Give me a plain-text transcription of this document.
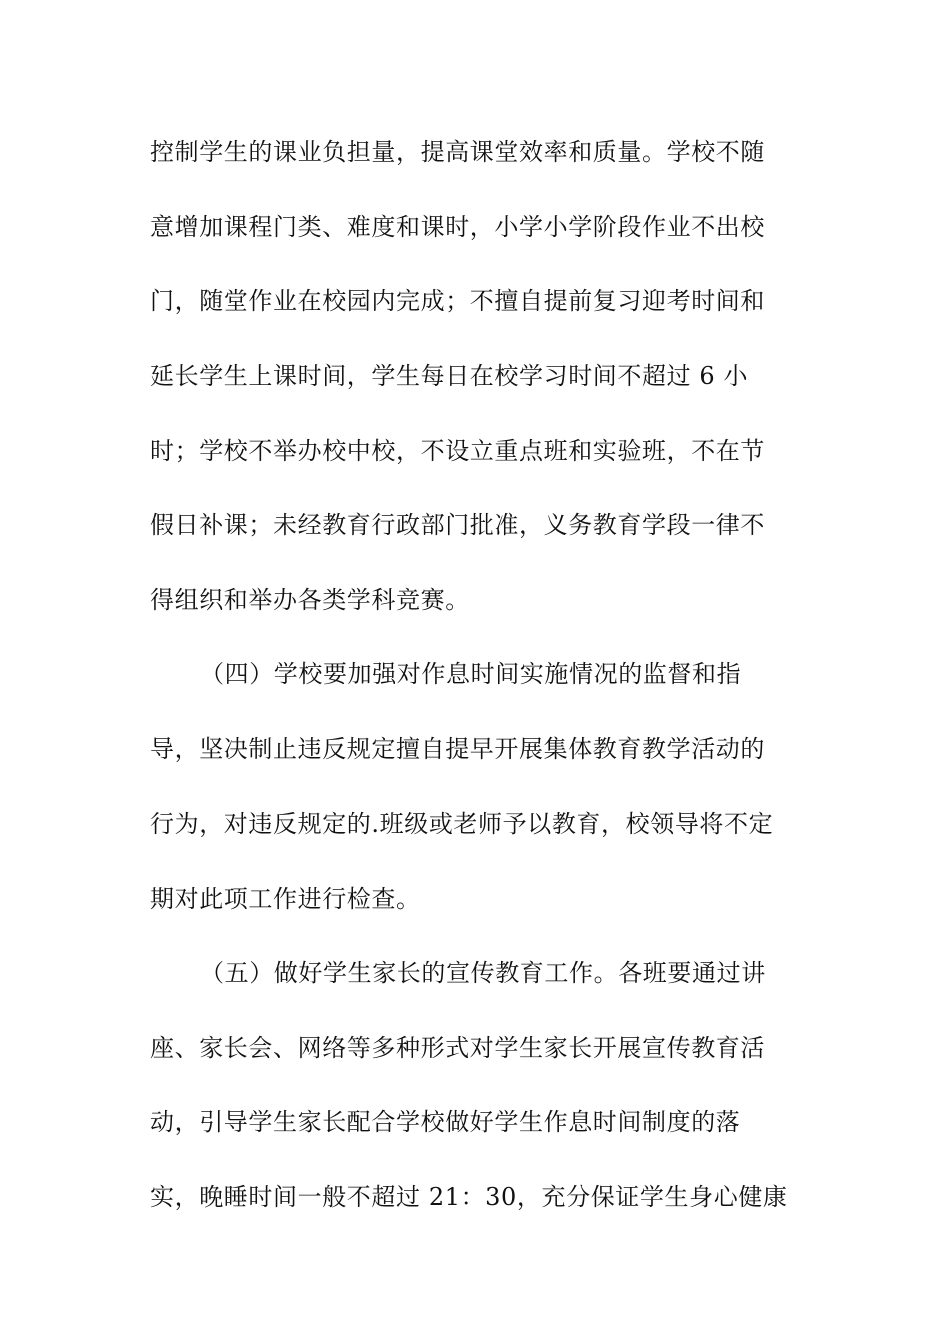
控制学生的课业负担量，提高课堂效率和质量。学校不随
意增加课程门类、难度和课时，小学小学阶段作业不出校
门，随堂作业在校园内完成；不擅自提前复习迎考时间和
延长学生上课时间，学生每日在校学习时间不超过 6 小
时；学校不举办校中校，不设立重点班和实验班，不在节
假日补课；未经教育行政部门批准，义务教育学段一律不
得组织和举办各类学科竞赛。
（四）学校要加强对作息时间实施情况的监督和指
导，坚决制止违反规定擅自提早开展集体教育教学活动的
行为，对违反规定的.班级或老师予以教育，校领导将不定
期对此项工作进行检查。
（五）做好学生家长的宣传教育工作。各班要通过讲
座、家长会、网络等多种形式对学生家长开展宣传教育活
动，引导学生家长配合学校做好学生作息时间制度的落
实，晚睡时间一般不超过 21：30，充分保证学生身心健康
